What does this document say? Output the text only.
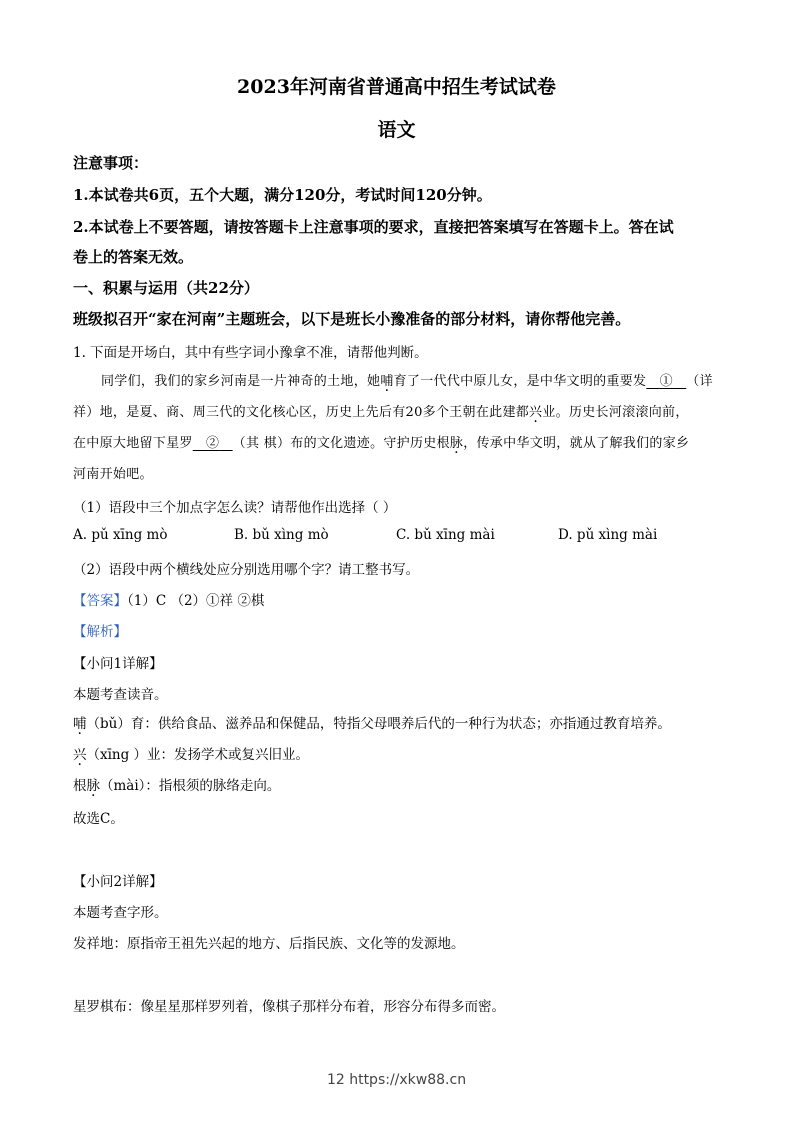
2023年河南省普通高中招生考试试卷
语文
注意事项：
1.本试卷共6页，五个大题，满分120分，考试时间120分钟。
2.本试卷上不要答题，请按答题卡上注意事项的要求，直接把答案填写在答题卡上。答在试
卷上的答案无效。
一、积累与运用（共22分）
班级拟召开“家在河南”主题班会，以下是班长小豫准备的部分材料，请你帮他完善。
1. 下面是开场白，其中有些字词小豫拿不准，请帮他判断。
同学们，我们的家乡河南是一片神奇的土地，她哺育了一代代中原儿女，是中华文明的重要发 ① （详
祥）地，是夏、商、周三代的文化核心区，历史上先后有20多个王朝在此建都兴业。历史长河滚滚向前，
在中原大地留下星罗 ② （其 棋）布的文化遗迹。守护历史根脉，传承中华文明，就从了解我们的家乡
河南开始吧。
（1）语段中三个加点字怎么读？请帮他作出选择（ ）
A. pǔ xīng mò	B. bǔ xìng mò	C. bǔ xīng mài	D. pǔ xìng mài
（2）语段中两个横线处应分别选用哪个字？请工整书写。
【答案】（1）C （2）①祥 ②棋
【解析】
【小问1详解】
本题考查读音。
哺（bǔ）育：供给食品、滋养品和保健品，特指父母喂养后代的一种行为状态；亦指通过教育培养。
兴（xīng ）业：发扬学术或复兴旧业。
根脉（mài）：指根须的脉络走向。
故选C。
【小问2详解】
本题考查字形。
发祥地：原指帝王祖先兴起的地方、后指民族、文化等的发源地。
星罗棋布：像星星那样罗列着，像棋子那样分布着，形容分布得多而密。
12 https://xkw88.cn
